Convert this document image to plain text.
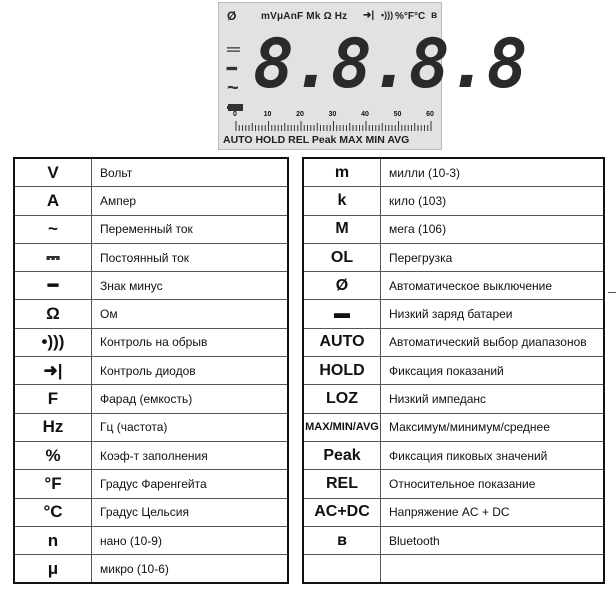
Ø mVμAnF Mk Ω Hz ➜| •))) %°F°C ʙ
═
━
~ 8.8.8.8
0	10	20	30	40	50	60
AUTO HOLD REL Peak MAX MIN AVG
V	Вольт
A	Ампер
~	Переменный ток
⎓	Постоянный ток
━	Знак минус
Ω	Ом
•)))	Контроль на обрыв
➜|	Контроль диодов
F	Фарад (емкость)
Hz	Гц (частота)
%	Коэф-т заполнения
°F	Градус Фаренгейта
°C	Градус Цельсия
n	нано (10-9)
μ	микро (10-6)
m	милли (10-3)
k	кило (103)
M	мега (106)
OL	Перегрузка
Ø	Автоматическое выключение
▬	Низкий заряд батареи
AUTO	Автоматический выбор диапазонов
HOLD	Фиксация показаний
LOZ	Низкий импеданс
MAX/MIN/AVG	Максимум/минимум/среднее
Peak	Фиксация пиковых значений
REL	Относительное показание
AC+DC	Напряжение AC + DC
ʙ	Bluetooth
